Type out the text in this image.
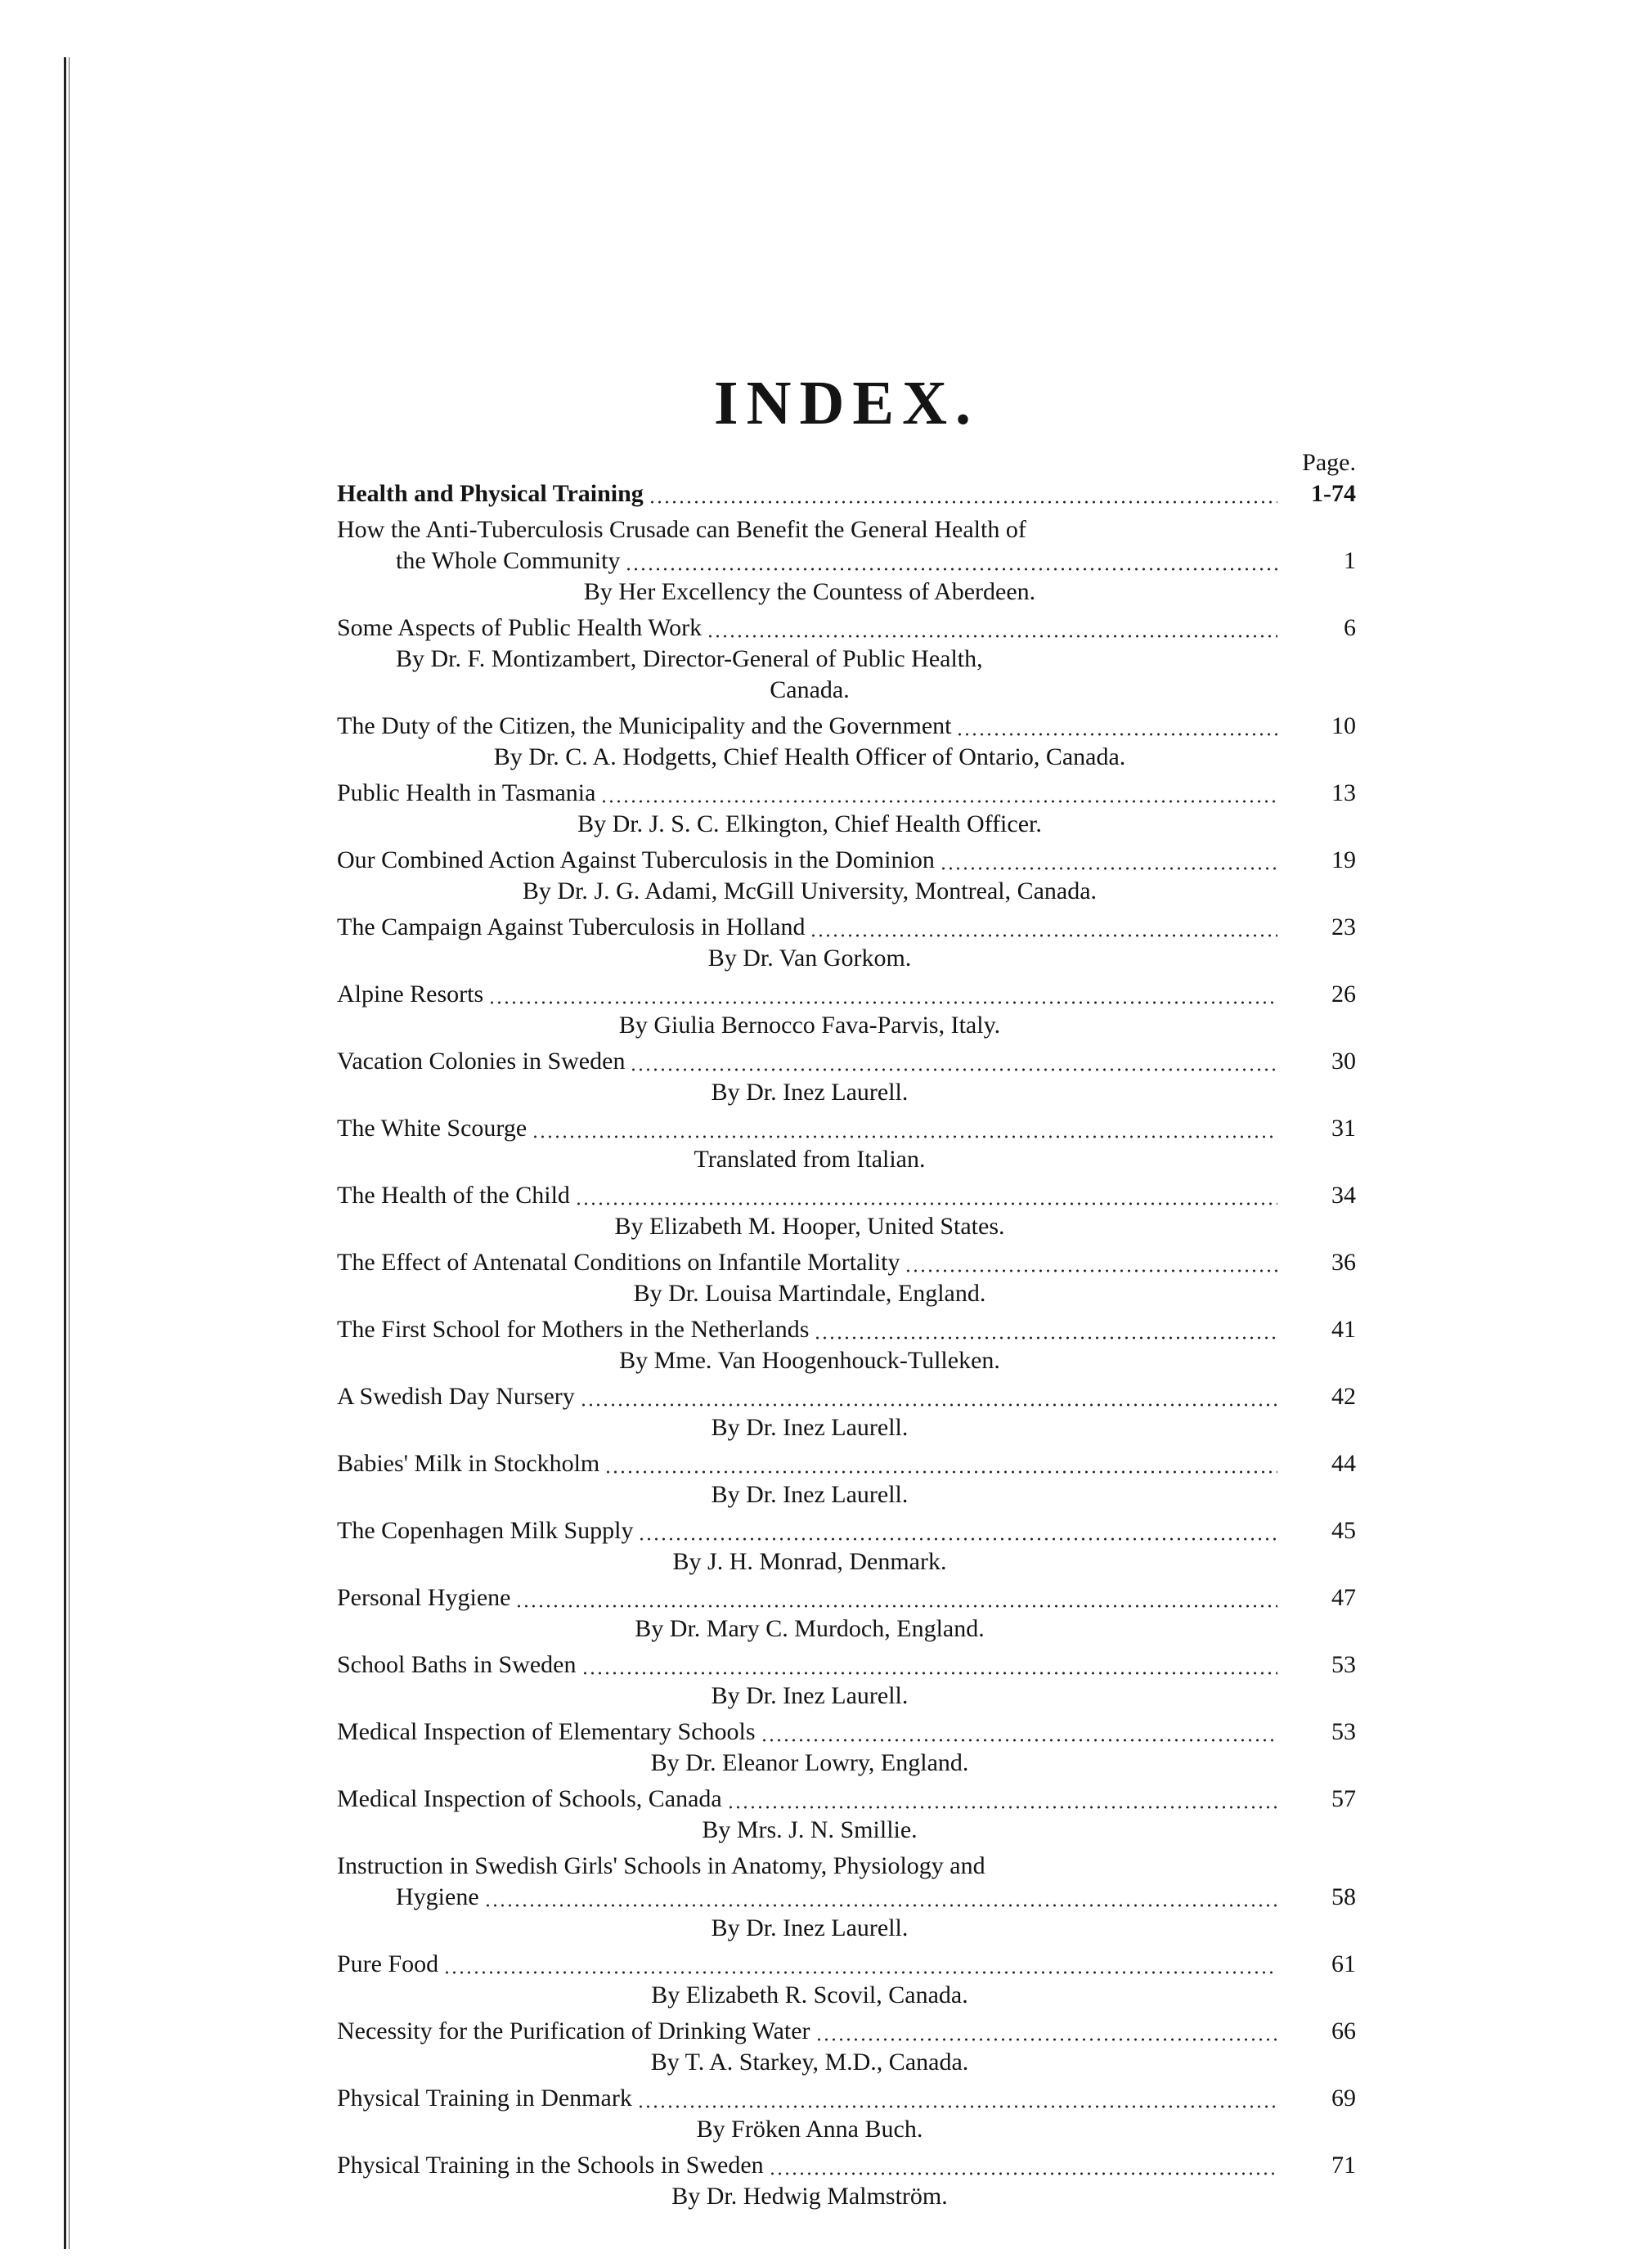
INDEX.
Page.
Health and Physical Training	1-74
How the Anti-Tuberculosis Crusade can Benefit the General Health of
the Whole Community	1
By Her Excellency the Countess of Aberdeen.
Some Aspects of Public Health Work	6
By Dr. F. Montizambert, Director-General of Public Health,
Canada.
The Duty of the Citizen, the Municipality and the Government	10
By Dr. C. A. Hodgetts, Chief Health Officer of Ontario, Canada.
Public Health in Tasmania	13
By Dr. J. S. C. Elkington, Chief Health Officer.
Our Combined Action Against Tuberculosis in the Dominion	19
By Dr. J. G. Adami, McGill University, Montreal, Canada.
The Campaign Against Tuberculosis in Holland	23
By Dr. Van Gorkom.
Alpine Resorts	26
By Giulia Bernocco Fava-Parvis, Italy.
Vacation Colonies in Sweden	30
By Dr. Inez Laurell.
The White Scourge	31
Translated from Italian.
The Health of the Child	34
By Elizabeth M. Hooper, United States.
The Effect of Antenatal Conditions on Infantile Mortality	36
By Dr. Louisa Martindale, England.
The First School for Mothers in the Netherlands	41
By Mme. Van Hoogenhouck-Tulleken.
A Swedish Day Nursery	42
By Dr. Inez Laurell.
Babies' Milk in Stockholm	44
By Dr. Inez Laurell.
The Copenhagen Milk Supply	45
By J. H. Monrad, Denmark.
Personal Hygiene	47
By Dr. Mary C. Murdoch, England.
School Baths in Sweden	53
By Dr. Inez Laurell.
Medical Inspection of Elementary Schools	53
By Dr. Eleanor Lowry, England.
Medical Inspection of Schools, Canada	57
By Mrs. J. N. Smillie.
Instruction in Swedish Girls' Schools in Anatomy, Physiology and
Hygiene	58
By Dr. Inez Laurell.
Pure Food	61
By Elizabeth R. Scovil, Canada.
Necessity for the Purification of Drinking Water	66
By T. A. Starkey, M.D., Canada.
Physical Training in Denmark	69
By Fröken Anna Buch.
Physical Training in the Schools in Sweden	71
By Dr. Hedwig Malmström.
